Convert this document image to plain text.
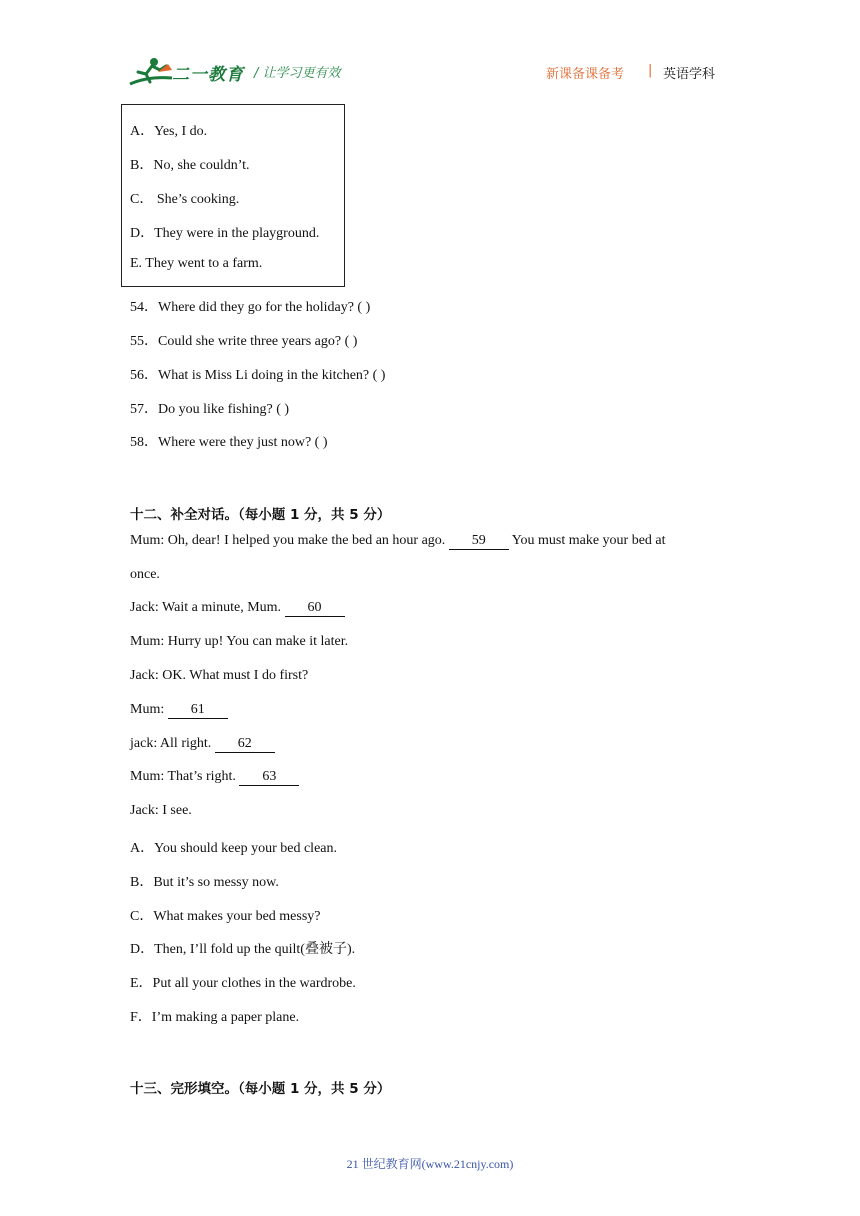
二一教育 / 让学习更有效	新课备课备考 | 英语学科
A．Yes, I do.
B．No, she couldn’t.
C． She’s cooking.
D．They were in the playground.
E. They went to a farm.
54．Where did they go for the holiday? ( )
55．Could she write three years ago? ( )
56．What is Miss Li doing in the kitchen? ( )
57．Do you like fishing? ( )
58．Where were they just now? ( )
十二、补全对话。（每小题 1 分，共 5 分）
Mum: Oh, dear! I helped you make the bed an hour ago. 59 You must make your bed at
once.
Jack: Wait a minute, Mum. 60
Mum: Hurry up! You can make it later.
Jack: OK. What must I do first?
Mum: 61
jack: All right. 62
Mum: That’s right. 63
Jack: I see.
A．You should keep your bed clean.
B．But it’s so messy now.
C．What makes your bed messy?
D．Then, I’ll fold up the quilt(叠被子).
E．Put all your clothes in the wardrobe.
F．I’m making a paper plane.
十三、完形填空。（每小题 1 分，共 5 分）
21 世纪教育网(www.21cnjy.com)
